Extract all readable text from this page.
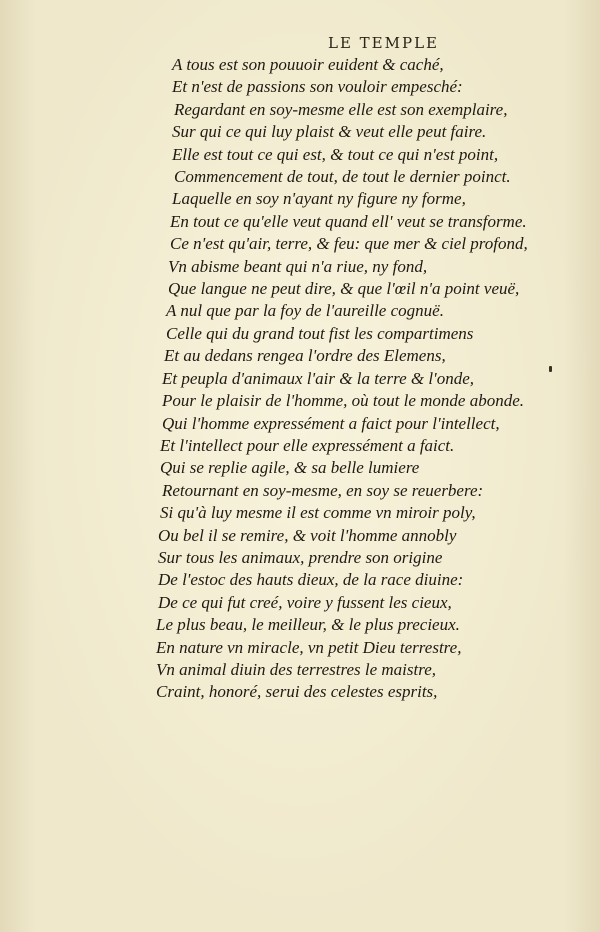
LE TEMPLE
A tous est son pouuoir euident & caché,
Et n'est de passions son vouloir empesché:
Regardant en soy-mesme elle est son exemplaire,
Sur qui ce qui luy plaist & veut elle peut faire.
Elle est tout ce qui est, & tout ce qui n'est point,
Commencement de tout, de tout le dernier poinct.
Laquelle en soy n'ayant ny figure ny forme,
En tout ce qu'elle veut quand ell' veut se transforme.
Ce n'est qu'air, terre, & feu: que mer & ciel profond,
Vn abisme beant qui n'a riue, ny fond,
Que langue ne peut dire, & que l'œil n'a point veuë,
A nul que par la foy de l'aureille cognuë.
Celle qui du grand tout fist les compartimens
Et au dedans rengea l'ordre des Elemens,
Et peupla d'animaux l'air & la terre & l'onde,
Pour le plaisir de l'homme, où tout le monde abonde.
Qui l'homme expressément a faict pour l'intellect,
Et l'intellect pour elle expressément a faict.
Qui se replie agile, & sa belle lumiere
Retournant en soy-mesme, en soy se reuerbere:
Si qu'à luy mesme il est comme vn miroir poly,
Ou bel il se remire, & voit l'homme annobly
Sur tous les animaux, prendre son origine
De l'estoc des hauts dieux, de la race diuine:
De ce qui fut creé, voire y fussent les cieux,
Le plus beau, le meilleur, & le plus precieux.
En nature vn miracle, vn petit Dieu terrestre,
Vn animal diuin des terrestres le maistre,
Craint, honoré, serui des celestes esprits,
